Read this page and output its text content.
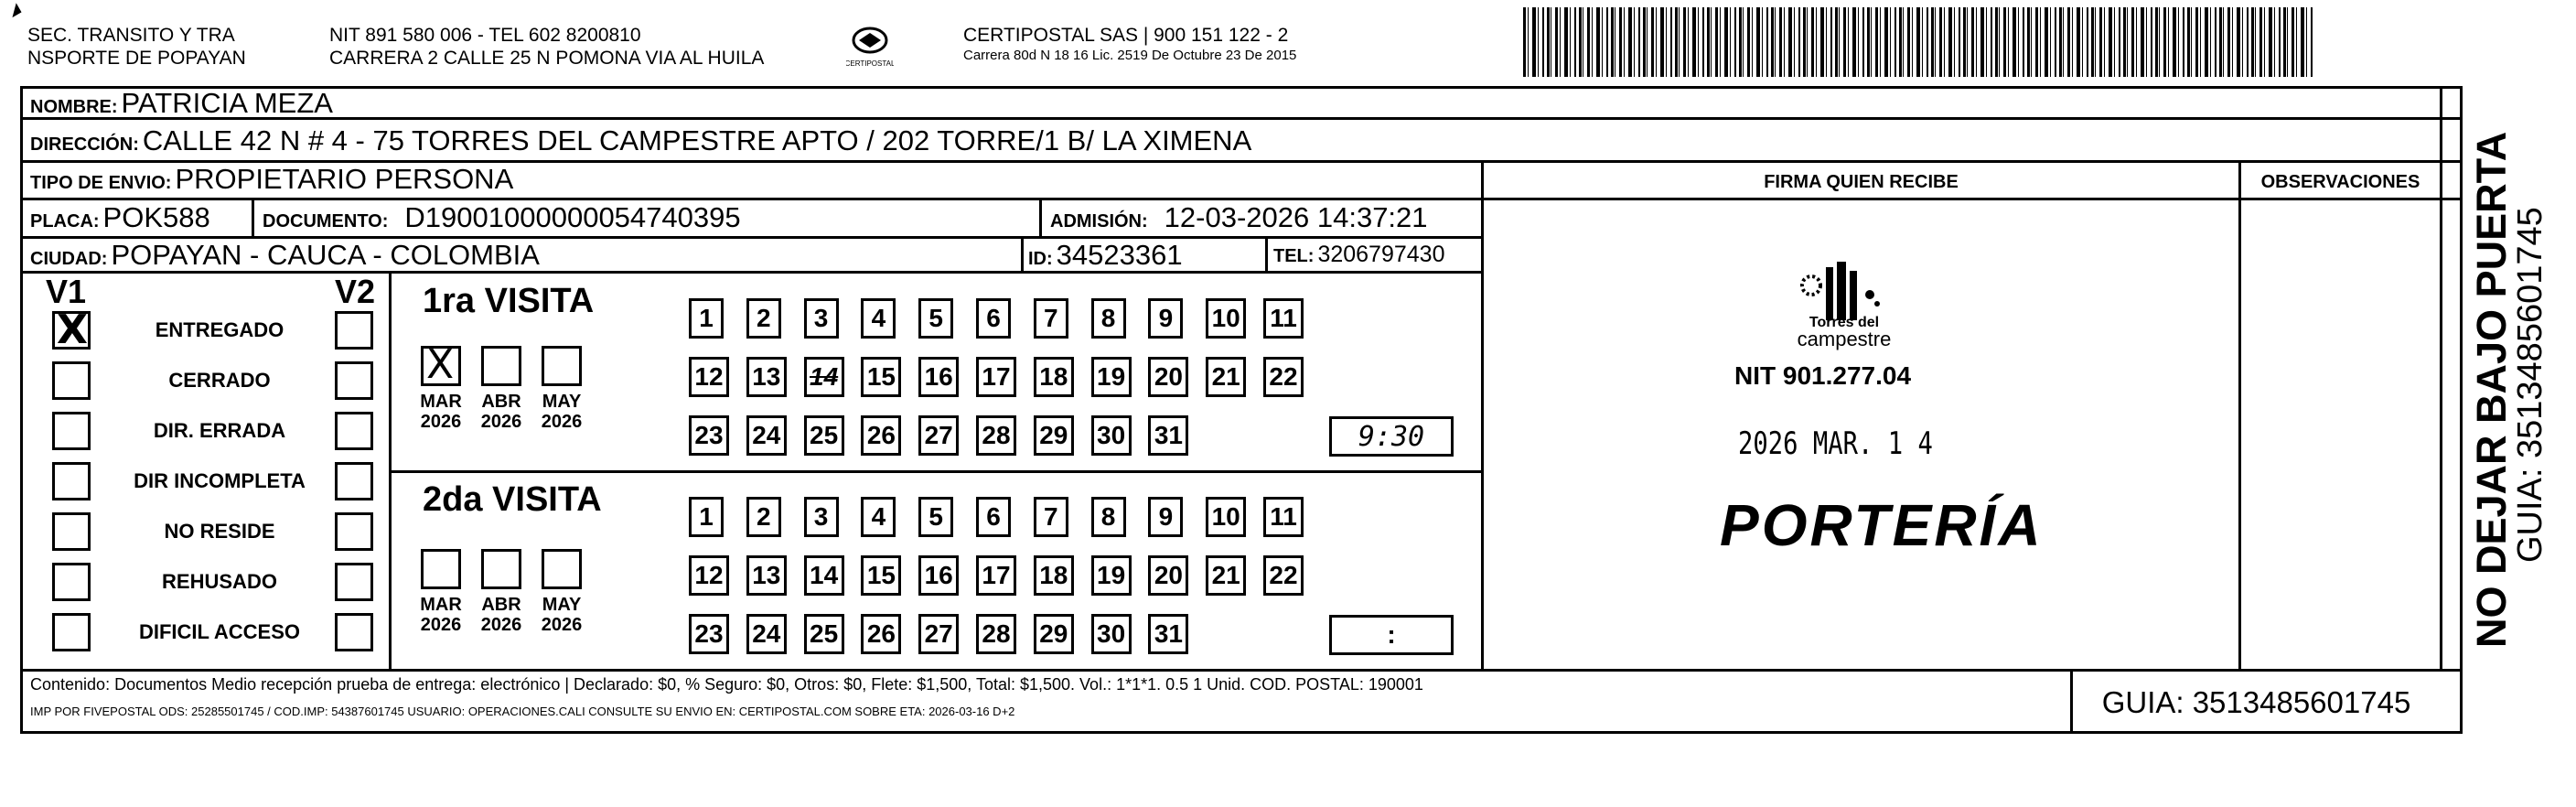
SEC. TRANSITO Y TRA
NSPORTE DE POPAYAN
NIT 891 580 006 - TEL 602 8200810
CARRERA 2 CALLE 25 N POMONA VIA AL HUILA	CERTIPOSTAL
CERTIPOSTAL SAS | 900 151 122 - 2
Carrera 80d N 18 16 Lic. 2519 De Octubre 23 De 2015
NOMBRE: PATRICIA MEZA
DIRECCIÓN: CALLE 42 N # 4 - 75 TORRES DEL CAMPESTRE APTO / 202 TORRE/1 B/ LA XIMENA
TIPO DE ENVIO: PROPIETARIO PERSONA
PLACA: POK588	DOCUMENTO: D19001000000054740395	ADMISIÓN: 12-03-2026 14:37:21
CIUDAD: POPAYAN - CAUCA - COLOMBIA	ID: 34523361	TEL: 3206797430
FIRMA QUIEN RECIBE	OBSERVACIONES
V1	V2
X	ENTREGADO
CERRADO
DIR. ERRADA
DIR INCOMPLETA
NO RESIDE
REHUSADO
DIFICIL ACCESO
1ra VISITA
2da VISITA
X
MAR
2026
ABR
2026
MAY
2026
MAR
2026
ABR
2026
MAY
2026
1	2	3	4	5	6	7	8	9	10 11
12 13 14 15 16 17 18 19 20 21 22
23 24 25 26 27 28 29 30 31
1	2	3	4	5	6	7	8	9	10 11
12 13 14 15 16 17 18 19 20 21 22
23 24 25 26 27 28 29 30 31
9:30
:
Torres del
campestre
NIT 901.277.04
2026 MAR. 1 4
PORTERÍA
Contenido: Documentos Medio recepción prueba de entrega: electrónico | Declarado: $0, % Seguro: $0, Otros: $0, Flete: $1,500, Total: $1,500. Vol.: 1*1*1. 0.5 1 Unid. COD. POSTAL: 190001
IMP POR FIVEPOSTAL ODS: 25285501745 / COD.IMP: 54387601745 USUARIO: OPERACIONES.CALI CONSULTE SU ENVIO EN: CERTIPOSTAL.COM SOBRE ETA: 2026-03-16 D+2	GUIA: 3513485601745
NO DEJAR BAJO PUERTA
GUIA: 3513485601745
◢
